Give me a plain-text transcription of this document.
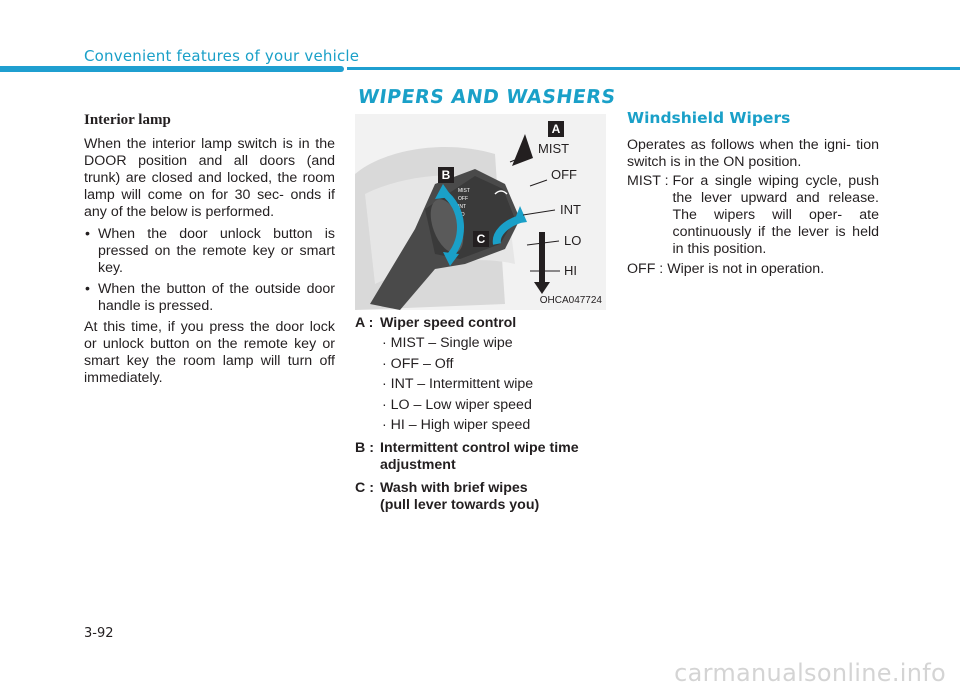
Convenient features of your vehicle
WIPERS AND WASHERS
Interior lamp

When the interior lamp switch is in the DOOR position and all doors (and trunk) are closed and locked, the room lamp will come on for 30 sec- onds if any of the below is performed.

• When the door unlock button is pressed on the remote key or smart key.
• When the button of the outside door handle is pressed.

At this time, if you press the door lock or unlock button on the remote key or smart key the room lamp will turn off immediately.

MIST
OFF
INT
LO
HI
A
B
C
MIST
OFF
INT
LO
HI
OHCA047724

A : Wiper speed control

· MIST – Single wipe
· OFF – Off
· INT – Intermittent wipe
· LO – Low wiper speed
· HI – High wiper speed

B : Intermittent control wipe time

adjustment

C : Wash with brief wipes

(pull lever towards you)

Windshield Wipers

Operates as follows when the igni- tion switch is in the ON position.

MIST : For a single wiping cycle, push the lever upward and release. The wipers will oper- ate continuously if the lever is held in this position.
OFF : Wiper is not in operation.
3-92
carmanualsonline.info
